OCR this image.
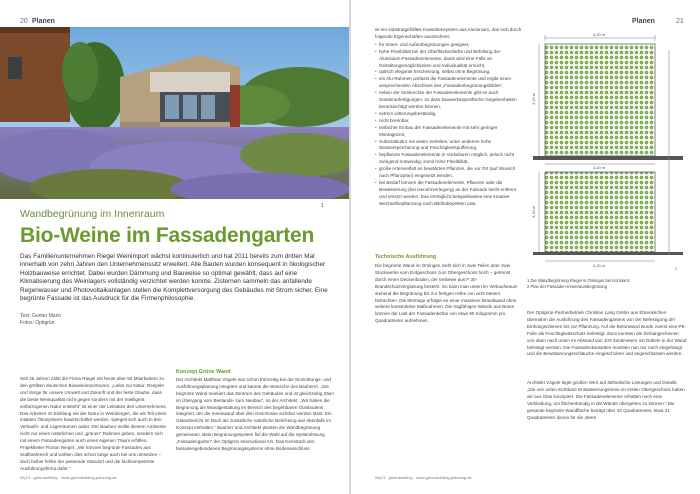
20 Planen
1
Wandbegrünung im Innenraum
Bio-Weine im Fassadengarten
Das Familienunternehmen Riegel Weinimport wächst kontinuierlich und hat 2011 bereits zum dritten Mal innerhalb von zehn Jahren den Unternehmenssitz erweitert. Alle Bauten wurden konsequent in ökologischer Holzbauweise errichtet. Dabei wurden Dämmung und Bauweise so optimal gewählt, dass auf eine Klimatisierung des Weinlagers vollständig verzichtet werden konnte. Zisternen sammeln das anfallende Regenwasser und Photovoltaikanlagen stellen die Komplettversorgung des Gebäudes mit Strom sicher. Eine begrünte Fassade ist das Ausdruck für die Firmenphilosophie.
Text: Gunter Mann
Fotos: Optigrün

Seit 25 Jahren zählt die Firma Riegel mit heute über 50 Mitarbeitern zu den größten deutschen Bioweinimporteuren. „Liebe zur Natur, Respekt und Sorge für unsere Umwelt und Zukunft und der feste Glaube, dass die beste Weinqualität nicht gegen sondern mit der Intelligent einbezogenen Natur entsteht“ ist einer der Leitsätze des Unternehmens. Das Arbeiten im Einklang mit der Natur in Weinbergen, die als Teil eines intakten Ökosystems bewirtschaftet werden, spiegelt sich auch in den Verkaufs- und Lagerräumen wider. Der Bauherr wollte diesem Ambiente nicht nur einen natürlichen und „grünen“ Rahmen geben, sondern sich mit einem Fassadengarten auch einen eigenen Traum erfüllen. Projektleiter Florian Riegel: „Wir können begrünte Fassaden aus Südfrankreich und wollten dies schon lange auch bei uns umsetzen – doch bisher fehlte der passende Standort und die fachkompetente Ausführungsfirma dafür.“

Konzept Grüne Wand

Der Architekt Matthias Vögele war schon frühzeitig bei der Einrichtungs- und Ausführungsplanung integriert und kannte die Wünsche des Bauherrn. „Die begrünte Wand markiert das Zentrum des Gebäudes und ist gleichzeitig Zäun im Übergang vom Bestands- zum Neubau“, so der Architekt. „Wir haben die Begrünung als Wandgestaltung im Bereich des begehbaren Glasbodens integriert, der die Innenwand über drei Geschosse sichtbar werden lässt. Ein Glaserbericht im Dach als zusätzliche natürliche Belichtung war ebenfalls im Konzept enthalten.“ Bauherr und Architekt planten die Wandbegrünung gemeinsam. Beim Begrünungssystem fiel die Wahl auf die Systemlösung „Fassadengarten“ der Optigrün International AG. Das Kernstück des fassadengebundenen Begrünungssystems ohne Bodenanschluss

06|13 · greenbuilding · www.greenbuilding-planning.de
Planen	21

ist ein substratgefülltes Kassettensystem aus Aluminium, das sich durch folgende Eigenschaften auszeichnet:

• für Innen- und Außenbegrünungen geeignet,
• hohe Flexibilität bei der Oberflächenfarbe und Befüllung der Aluminium-Fassadenelemente, damit wird eine Fülle an Gestaltungsmöglichkeiten und Individualität erreicht,
• optisch elegante Erscheinung, selbst ohne Begrünung,
• ein Alu-Rahmen umfasst die Fassadenelemente und ergibt einen ansprechenden Abschluss des „Fassadenbegrünungsbildes“,
• neben der Senkrechte der Fassadenelemente gibt es auch Sonderanfertigungen, so dass bauwerksspezifische Gegebenheiten berücksichtigt werden können,
• extrem witterungsbeständig,
• nicht brennbar,
• einfacher Einbau der Fassadenelemente mit sehr geringer Montagezeit,
• Substratkultur mit vielen Vorteilen, unter anderem hohe Wasserspeicherung und Feuchtigkeitspufferung,
• bepflanzte Fassadenelemente in Vorkulturen möglich, jedoch nicht zwingend notwendig; somit hohe Flexibilität,
• große Artenvielfalt an bewährten Pflanzen, die vor Ort (auf Wunsch nach Pflanzplan) eingesetzt werden,
• bei Bedarf können die Fassadenelemente, Pflanzen oder die Bewässerung (bei Isenohrverlegung) an der Fassade leicht entfernt und ersetzt werden. Das ermöglicht beispielsweise eine kreative Wechselbepflanzung nach Bildhabepekten usw.
Technische Ausführung

Die begrünte Wand im Omingen zieht sich in zwei Teilen über zwei Stockwerke vom Erdgeschoss zum Obergeschoss hoch – getrennt durch einen Deckenboden, der treibewe aus F 30-Brandschutzverglasung besteht. So kann man unten im Verkaufsraum stehend die Begrünung bis zur fertigen Höhe von acht Metern betrachten. Die Montage erfolgte an einer massiven Brandwand ohne weitere konstruktive Maßnahmen. Die tragfähigen Wände aus Beton können die Last der Fassadenkörbe von etwa 90 Kilogramm pro Quadratmeter aufnehmen.

4,20 m
4,20 m
4,20 m
3,20 m
3,20 m
2
1 Die Wandbegrünung Riegel in Orsingen bei Konstanz
2 Plan der Fassaden-Innenraumbegrünung

Der Optigrün-Partnerbetrieb Christian Lang GmbH aus Ehrenkirchen übernahm die Ausführung des Fassadengartens von der Befestigung der Einhangschienen bis zur Pflanzung. Auf die Betonwand wurde zuerst eine PE-Folie als Feuchtigkeitsschutz befestigt, dann konnten die Einhangschienen von oben nach unten im Abstand von 100 Zentimetern mit Dübeln in der Wand befestigt werden. Die Fassadenkassetten mussten nun nur noch eingehängt und die Bewässerungsschläuche eingeschoben und angeschlossen werden.

Architekt Vögele legte großen Wert auf ästhetische Lösungen und Details: „Die von unten sichtbare Entwässerungsrinne im ersten Obergeschoss haben wir aus Glas konzipiert. Die Fassadenelemente erhalten noch eine Verkleidung, um flächenbündig in die Wände übergehen zu können.“ Die gesamte begrünte Wandfläche beträgt über 34 Quadratmeter, etwa 21 Quadratmeter davon für die obere

06|13 · greenbuilding · www.greenbuilding-planning.de
